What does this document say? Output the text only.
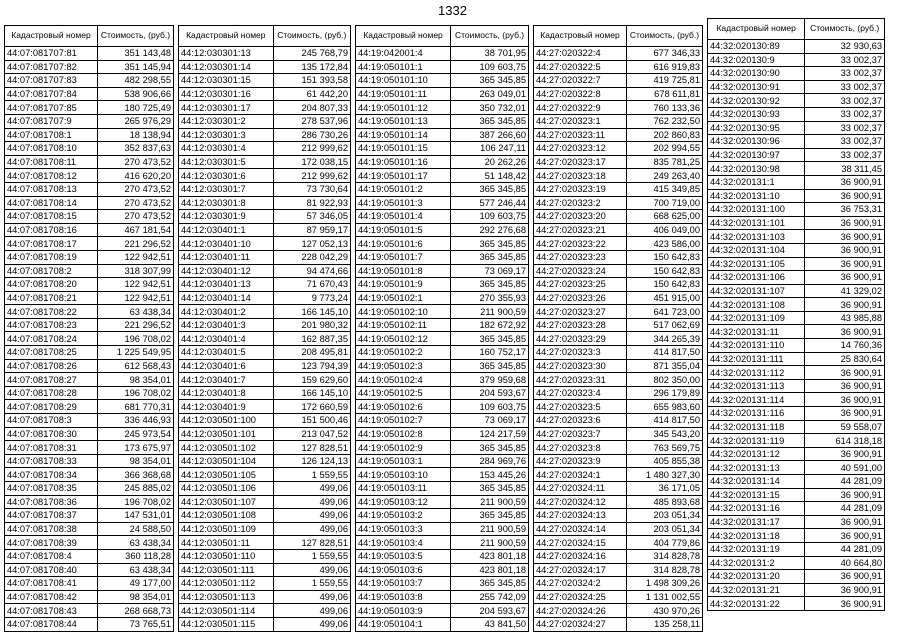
1332
Кадастровый номер	Стоимость, (руб.)
44:07:081707:81	351 143,48
44:07:081707:82	351 145,94
44:07:081707:83	482 298,55
44:07:081707:84	538 906,66
44:07:081707:85	180 725,49
44:07:081707:9	265 976,29
44:07:081708:1	18 138,94
44:07:081708:10	352 837,63
44:07:081708:11	270 473,52
44:07:081708:12	416 620,20
44:07:081708:13	270 473,52
44:07:081708:14	270 473,52
44:07:081708:15	270 473,52
44:07:081708:16	467 181,54
44:07:081708:17	221 296,52
44:07:081708:19	122 942,51
44:07:081708:2	318 307,99
44:07:081708:20	122 942,51
44:07:081708:21	122 942,51
44:07:081708:22	63 438,34
44:07:081708:23	221 296,52
44:07:081708:24	196 708,02
44:07:081708:25	1 225 549,95
44:07:081708:26	612 568,43
44:07:081708:27	98 354,01
44:07:081708:28	196 708,02
44:07:081708:29	681 770,31
44:07:081708:3	336 446,93
44:07:081708:30	245 973,54
44:07:081708:31	173 675,97
44:07:081708:33	98 354,01
44:07:081708:34	366 368,68
44:07:081708:35	245 885,02
44:07:081708:36	196 708,02
44:07:081708:37	147 531,01
44:07:081708:38	24 588,50
44:07:081708:39	63 438,34
44:07:081708:4	360 118,28
44:07:081708:40	63 438,34
44:07:081708:41	49 177,00
44:07:081708:42	98 354,01
44:07:081708:43	268 668,73
44:07:081708:44	73 765,51
Кадастровый номер	Стоимость, (руб.)
44:12:030301:13	245 768,79
44:12:030301:14	135 172,84
44:12:030301:15	151 393,58
44:12:030301:16	61 442,20
44:12:030301:17	204 807,33
44:12:030301:2	278 537,96
44:12:030301:3	286 730,26
44:12:030301:4	212 999,62
44:12:030301:5	172 038,15
44:12:030301:6	212 999,62
44:12:030301:7	73 730,64
44:12:030301:8	81 922,93
44:12:030301:9	57 346,05
44:12:030401:1	87 959,17
44:12:030401:10	127 052,13
44:12:030401:11	228 042,29
44:12:030401:12	94 474,66
44:12:030401:13	71 670,43
44:12:030401:14	9 773,24
44:12:030401:2	166 145,10
44:12:030401:3	201 980,32
44:12:030401:4	162 887,35
44:12:030401:5	208 495,81
44:12:030401:6	123 794,39
44:12:030401:7	159 629,60
44:12:030401:8	166 145,10
44:12:030401:9	172 660,59
44:12:030501:100	151 500,46
44:12:030501:101	213 047,52
44:12:030501:102	127 828,51
44:12:030501:104	126 124,13
44:12:030501:105	1 559,55
44:12:030501:106	499,06
44:12:030501:107	499,06
44:12:030501:108	499,06
44:12:030501:109	499,06
44:12:030501:11	127 828,51
44:12:030501:110	1 559,55
44:12:030501:111	499,06
44:12:030501:112	1 559,55
44:12:030501:113	499,06
44:12:030501:114	499,06
44:12:030501:115	499,06
Кадастровый номер	Стоимость, (руб.)
44:19:042001:4	38 701,95
44:19:050101:1	109 603,75
44:19:050101:10	365 345,85
44:19:050101:11	263 049,01
44:19:050101:12	350 732,01
44:19:050101:13	365 345,85
44:19:050101:14	387 266,60
44:19:050101:15	106 247,11
44:19:050101:16	20 262,26
44:19:050101:17	51 148,42
44:19:050101:2	365 345,85
44:19:050101:3	577 246,44
44:19:050101:4	109 603,75
44:19:050101:5	292 276,68
44:19:050101:6	365 345,85
44:19:050101:7	365 345,85
44:19:050101:8	73 069,17
44:19:050101:9	365 345,85
44:19:050102:1	270 355,93
44:19:050102:10	211 900,59
44:19:050102:11	182 672,92
44:19:050102:12	365 345,85
44:19:050102:2	160 752,17
44:19:050102:3	365 345,85
44:19:050102:4	379 959,68
44:19:050102:5	204 593,67
44:19:050102:6	109 603,75
44:19:050102:7	73 069,17
44:19:050102:8	124 217,59
44:19:050102:9	365 345,85
44:19:050103:1	284 969,76
44:19:050103:10	153 445,26
44:19:050103:11	365 345,85
44:19:050103:12	211 900,59
44:19:050103:2	365 345,85
44:19:050103:3	211 900,59
44:19:050103:4	211 900,59
44:19:050103:5	423 801,18
44:19:050103:6	423 801,18
44:19:050103:7	365 345,85
44:19:050103:8	255 742,09
44:19:050103:9	204 593,67
44:19:050104:1	43 841,50
Кадастровый номер	Стоимость, (руб.)
44:27:020322:4	677 346,33
44:27:020322:5	616 919,83
44:27:020322:7	419 725,81
44:27:020322:8	678 611,81
44:27:020322:9	760 133,36
44:27:020323:1	762 232,50
44:27:020323:11	202 860,83
44:27:020323:12	202 994,55
44:27:020323:17	835 781,25
44:27:020323:18	249 263,40
44:27:020323:19	415 349,85
44:27:020323:2	700 719,00
44:27:020323:20	668 625,00
44:27:020323:21	406 049,00
44:27:020323:22	423 586,00
44:27:020323:23	150 642,83
44:27:020323:24	150 642,83
44:27:020323:25	150 642,83
44:27:020323:26	451 915,00
44:27:020323:27	641 723,00
44:27:020323:28	517 062,69
44:27:020323:29	344 265,39
44:27:020323:3	414 817,50
44:27:020323:30	871 355,04
44:27:020323:31	802 350,00
44:27:020323:4	296 179,89
44:27:020323:5	655 983,60
44:27:020323:6	414 817,50
44:27:020323:7	345 543,20
44:27:020323:8	763 569,75
44:27:020323:9	405 855,38
44:27:020324:1	1 480 327,30
44:27:020324:11	36 171,05
44:27:020324:12	485 893,68
44:27:020324:13	203 051,34
44:27:020324:14	203 051,34
44:27:020324:15	404 779,86
44:27:020324:16	314 828,78
44:27:020324:17	314 828,78
44:27:020324:2	1 498 309,26
44:27:020324:25	1 131 002,55
44:27:020324:26	430 970,26
44:27:020324:27	135 258,11
Кадастровый номер	Стоимость, (руб.)
44:32:020130:89	32 930,63
44:32:020130:9	33 002,37
44:32:020130:90	33 002,37
44:32:020130:91	33 002,37
44:32:020130:92	33 002,37
44:32:020130:93	33 002,37
44:32:020130:95	33 002,37
44:32:020130:96	33 002,37
44:32:020130:97	33 002,37
44:32:020130:98	38 311,45
44:32:020131:1	36 900,91
44:32:020131:10	36 900,91
44:32:020131:100	36 753,31
44:32:020131:101	36 900,91
44:32:020131:103	36 900,91
44:32:020131:104	36 900,91
44:32:020131:105	36 900,91
44:32:020131:106	36 900,91
44:32:020131:107	41 329,02
44:32:020131:108	36 900,91
44:32:020131:109	43 985,88
44:32:020131:11	36 900,91
44:32:020131:110	14 760,36
44:32:020131:111	25 830,64
44:32:020131:112	36 900,91
44:32:020131:113	36 900,91
44:32:020131:114	36 900,91
44:32:020131:116	36 900,91
44:32:020131:118	59 558,07
44:32:020131:119	614 318,18
44:32:020131:12	36 900,91
44:32:020131:13	40 591,00
44:32:020131:14	44 281,09
44:32:020131:15	36 900,91
44:32:020131:16	44 281,09
44:32:020131:17	36 900,91
44:32:020131:18	36 900,91
44:32:020131:19	44 281,09
44:32:020131:2	40 664,80
44:32:020131:20	36 900,91
44:32:020131:21	36 900,91
44:32:020131:22	36 900,91
